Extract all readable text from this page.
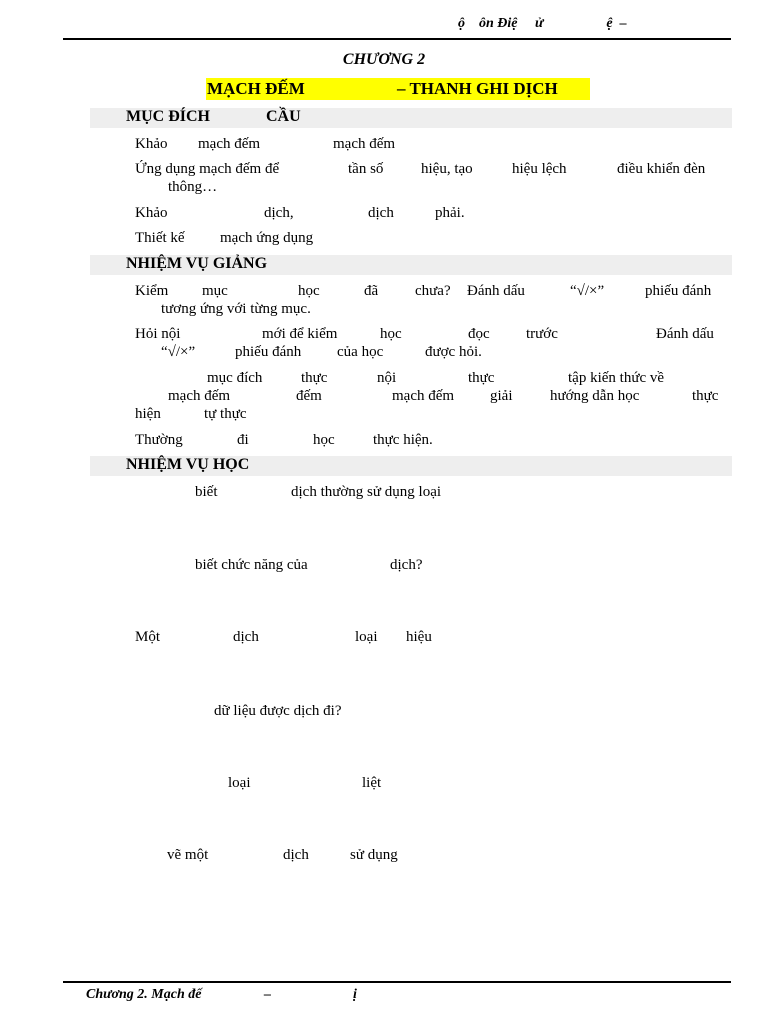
ộ    ôn Điệ     ử                  ệ  –
CHƯƠNG 2
MẠCH ĐẾM	– THANH GHI DỊCH
MỤC ĐÍCH	CẦU
Khảo mạch đếm	mạch đếm
Ứng dụng mạch đếm để	tần số	hiệu, tạo	hiệu lệch	điều khiển đèn
thông…
Khảo	dịch,	dịch	phải.
Thiết kế mạch ứng dụng
NHIỆM VỤ GIẢNG
Kiểm mục	học	đã chưa? Đánh dấu	“√/×”	phiếu đánh
tương ứng với từng mục.
Hỏi nội	mới để kiểm	học	đọc trước	Đánh dấu
“√/×”	phiếu đánh của học	được hỏi.
mục đích	thực	nội	thực	tập kiến thức về
mạch đếm	đếm	mạch đếm giải	hướng dẫn học	thực
hiện	tự thực
Thường	đi	học	thực hiện.
NHIỆM VỤ HỌC
biết	dịch thường sử dụng loại
biết chức năng của	dịch?
Một	dịch	loại hiệu
dữ liệu được dịch đi?
loại	liệt
vẽ một	dịch	sử dụng
Chương 2. Mạch đế	–	ị
